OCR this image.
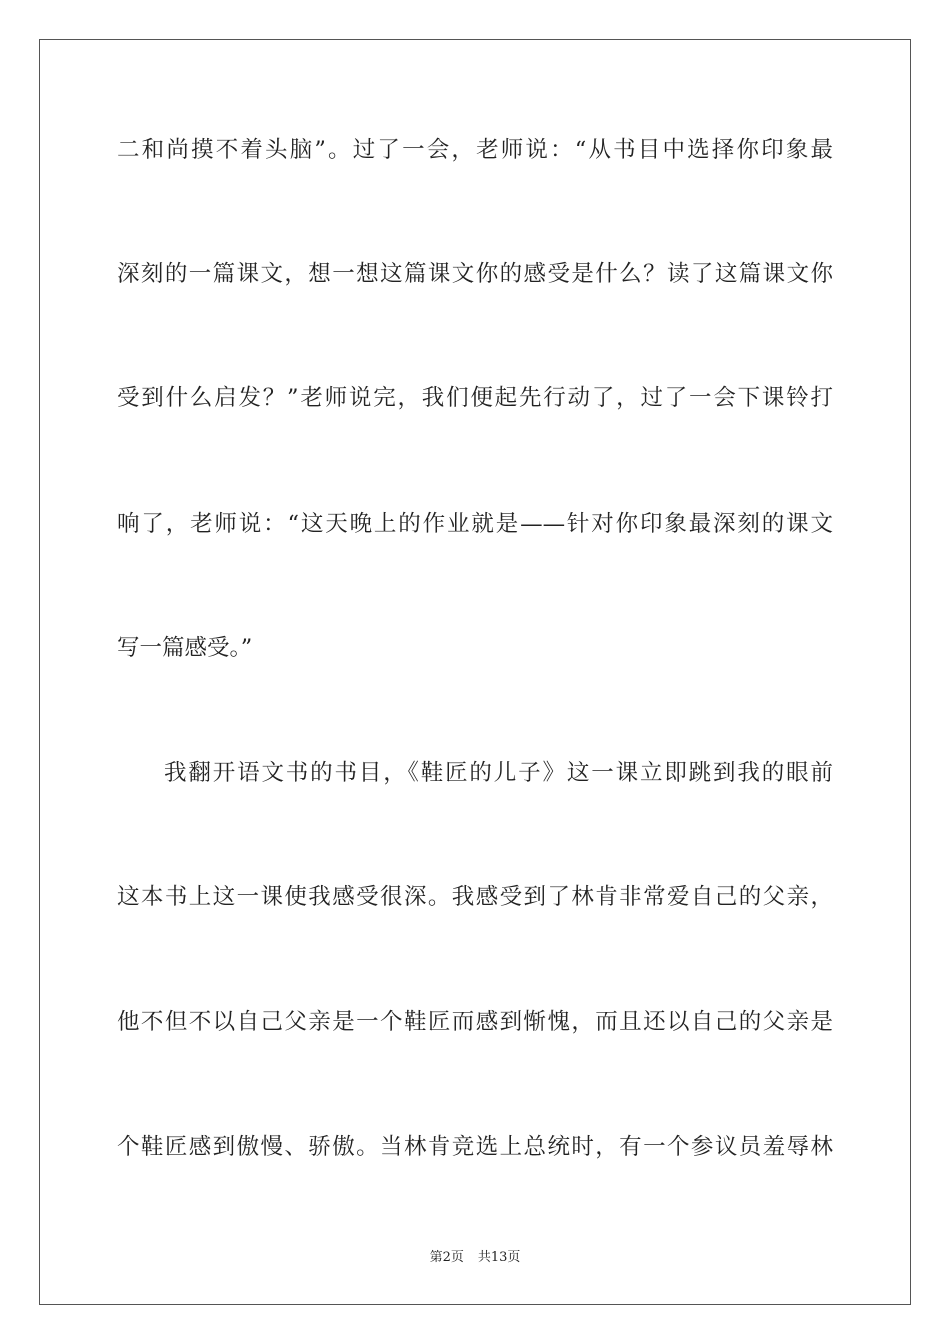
二和尚摸不着头脑”。过了一会，老师说：“从书目中选择你印象最
深刻的一篇课文，想一想这篇课文你的感受是什么？读了这篇课文你
受到什么启发？”老师说完，我们便起先行动了，过了一会下课铃打
响了，老师说：“这天晚上的作业就是——针对你印象最深刻的课文
写一篇感受。”
我翻开语文书的书目，《鞋匠的儿子》这一课立即跳到我的眼前
这本书上这一课使我感受很深。我感受到了林肯非常爱自己的父亲，
他不但不以自己父亲是一个鞋匠而感到惭愧，而且还以自己的父亲是
个鞋匠感到傲慢、骄傲。当林肯竞选上总统时，有一个参议员羞辱林
第2页 共13页
